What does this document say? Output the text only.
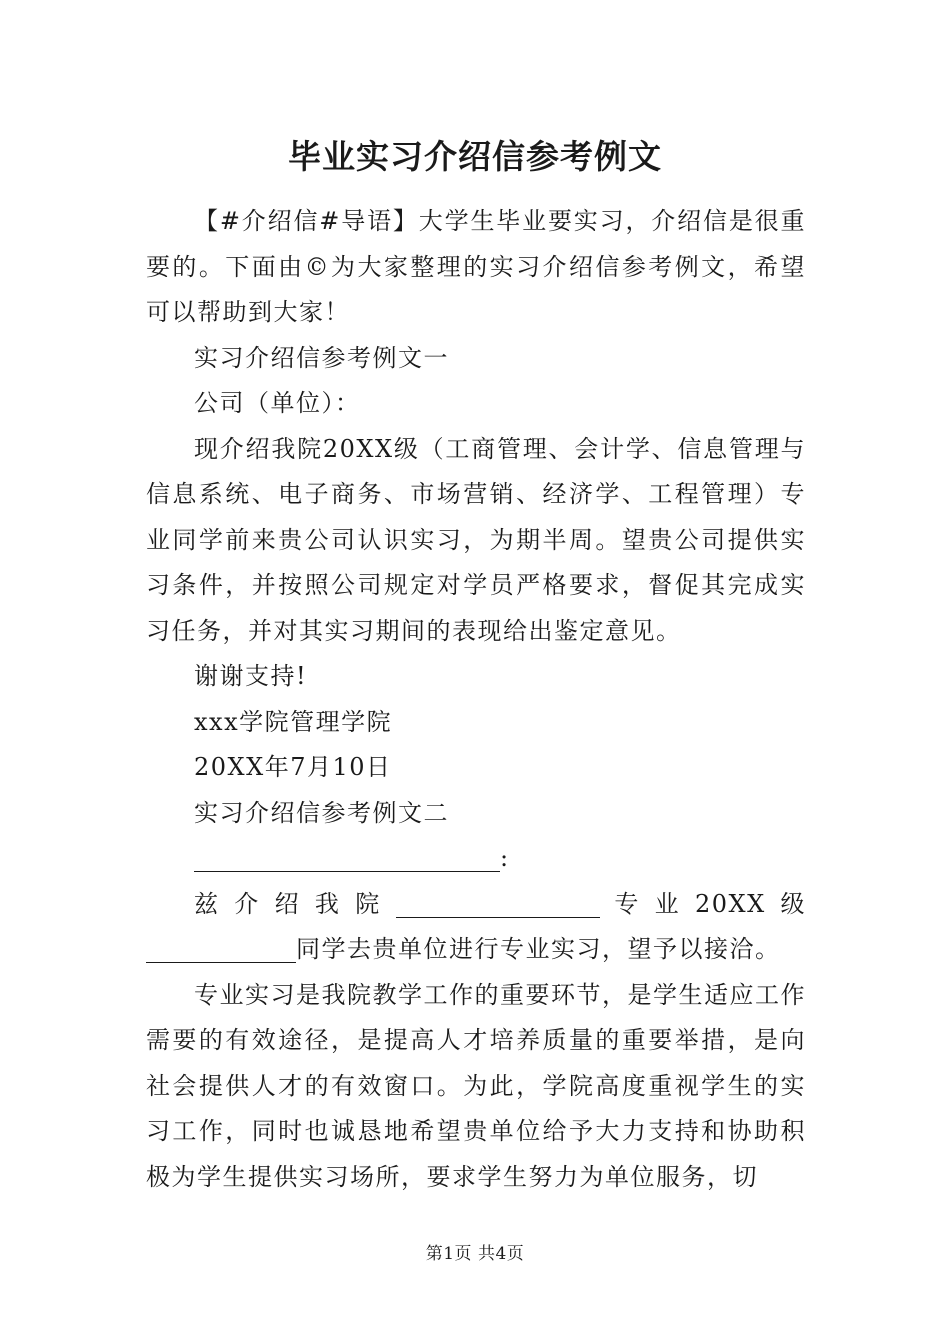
毕业实习介绍信参考例文

【#介绍信#导语】大学生毕业要实习，介绍信是很重要的。下面由©为大家整理的实习介绍信参考例文，希望可以帮助到大家！

实习介绍信参考例文一

公司（单位）：

现介绍我院20XX级（工商管理、会计学、信息管理与信息系统、电子商务、市场营销、经济学、工程管理）专业同学前来贵公司认识实习，为期半周。望贵公司提供实习条件，并按照公司规定对学员严格要求，督促其完成实习任务，并对其实习期间的表现给出鉴定意见。

谢谢支持!

xxx学院管理学院

20XX年7月10日

实习介绍信参考例文二

:

兹介绍我院	专业20XX级同学去贵单位进行专业实习，望予以接洽。

专业实习是我院教学工作的重要环节，是学生适应工作需要的有效途径，是提高人才培养质量的重要举措，是向社会提供人才的有效窗口。为此，学院高度重视学生的实习工作，同时也诚恳地希望贵单位给予大力支持和协助积极为学生提供实习场所，要求学生努力为单位服务，切

第1页 共4页
